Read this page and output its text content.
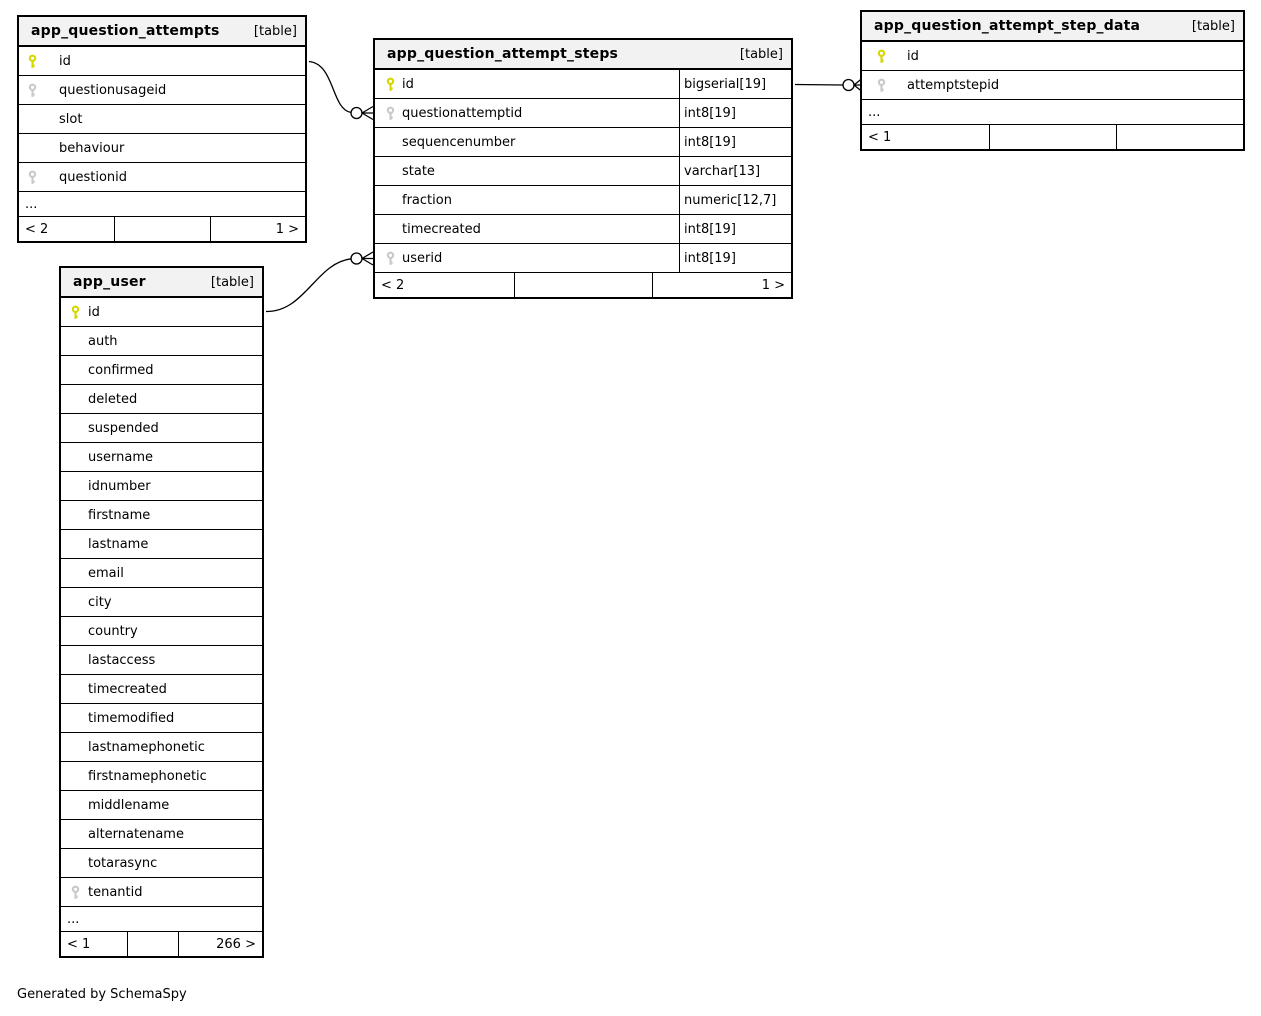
app_question_attempts	[table]
id
questionusageid
slot
behaviour
questionid
...
< 2	1 >
app_question_attempt_steps	[table]
id	bigserial[19]
questionattemptid	int8[19]
sequencenumber	int8[19]
state	varchar[13]
fraction	numeric[12,7]
timecreated	int8[19]
userid	int8[19]
< 2	1 >
app_question_attempt_step_data	[table]
id
attemptstepid
...
< 1
app_user	[table]
id
auth
confirmed
deleted
suspended
username
idnumber
firstname
lastname
email
city
country
lastaccess
timecreated
timemodified
lastnamephonetic
firstnamephonetic
middlename
alternatename
totarasync
tenantid
...
< 1	266 >
Generated by SchemaSpy
